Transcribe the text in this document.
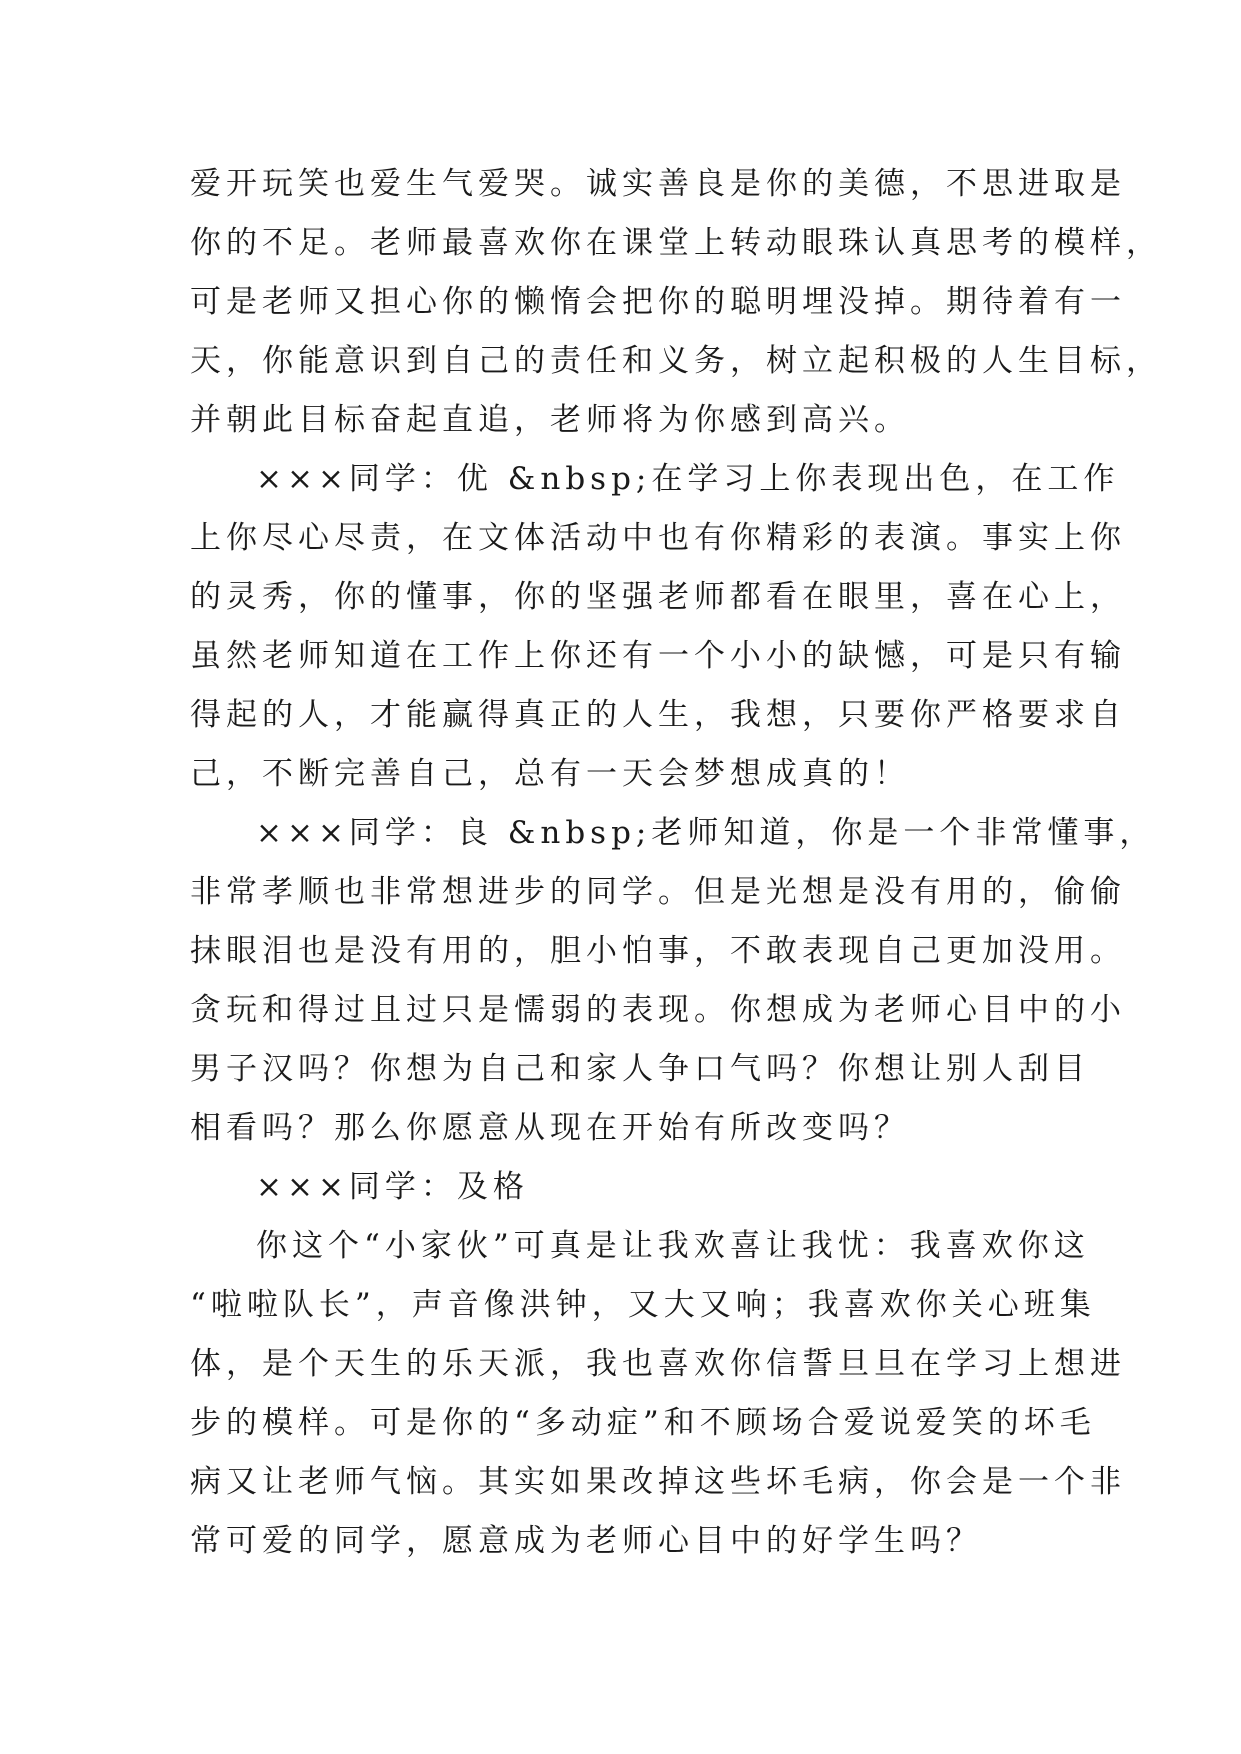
爱开玩笑也爱生气爱哭。诚实善良是你的美德，不思进取是
你的不足。老师最喜欢你在课堂上转动眼珠认真思考的模样，
可是老师又担心你的懒惰会把你的聪明埋没掉。期待着有一
天，你能意识到自己的责任和义务，树立起积极的人生目标，
并朝此目标奋起直追，老师将为你感到高兴。

×××同学：优 &nbsp;在学习上你表现出色，在工作
上你尽心尽责，在文体活动中也有你精彩的表演。事实上你
的灵秀，你的懂事，你的坚强老师都看在眼里，喜在心上，
虽然老师知道在工作上你还有一个小小的缺憾，可是只有输
得起的人，才能赢得真正的人生，我想，只要你严格要求自
己，不断完善自己，总有一天会梦想成真的！

×××同学：良 &nbsp;老师知道，你是一个非常懂事，
非常孝顺也非常想进步的同学。但是光想是没有用的，偷偷
抹眼泪也是没有用的，胆小怕事，不敢表现自己更加没用。
贪玩和得过且过只是懦弱的表现。你想成为老师心目中的小
男子汉吗？你想为自己和家人争口气吗？你想让别人刮目
相看吗？那么你愿意从现在开始有所改变吗？

×××同学：及格

你这个“小家伙”可真是让我欢喜让我忧：我喜欢你这
“啦啦队长”，声音像洪钟，又大又响；我喜欢你关心班集
体，是个天生的乐天派，我也喜欢你信誓旦旦在学习上想进
步的模样。可是你的“多动症”和不顾场合爱说爱笑的坏毛
病又让老师气恼。其实如果改掉这些坏毛病，你会是一个非
常可爱的同学，愿意成为老师心目中的好学生吗？
